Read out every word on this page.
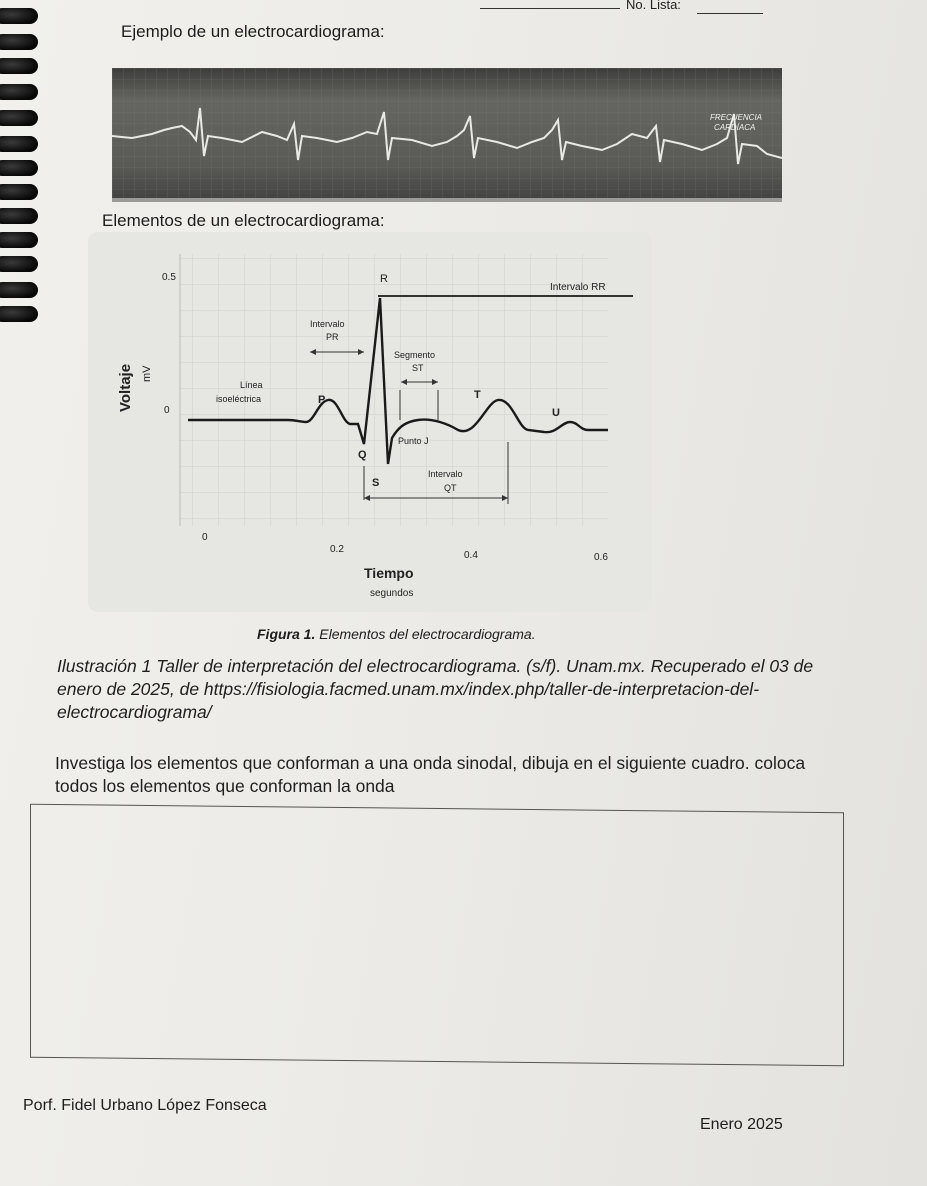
No. Lista:
Ejemplo de un electrocardiograma:
FRECUENCIA
CARDÍACA
Elementos de un electrocardiograma:
0.5
0
Voltaje mV
R
Intervalo RR
Intervalo
PR
Segmento
ST
Línea
isoeléctrica	P	T
U
Q
Punto J
Intervalo
QT
S
0
0.2
0.4	0.6
Tiempo
segundos
Figura 1. Elementos del electrocardiograma.
Ilustración 1 Taller de interpretación del electrocardiograma. (s/f). Unam.mx. Recuperado el 03 de
enero de 2025, de https://fisiologia.facmed.unam.mx/index.php/taller-de-interpretacion-del-
electrocardiograma/
Investiga los elementos que conforman a una onda sinodal, dibuja en el siguiente cuadro. coloca
todos los elementos que conforman la onda
Porf. Fidel Urbano López Fonseca
Enero 2025
